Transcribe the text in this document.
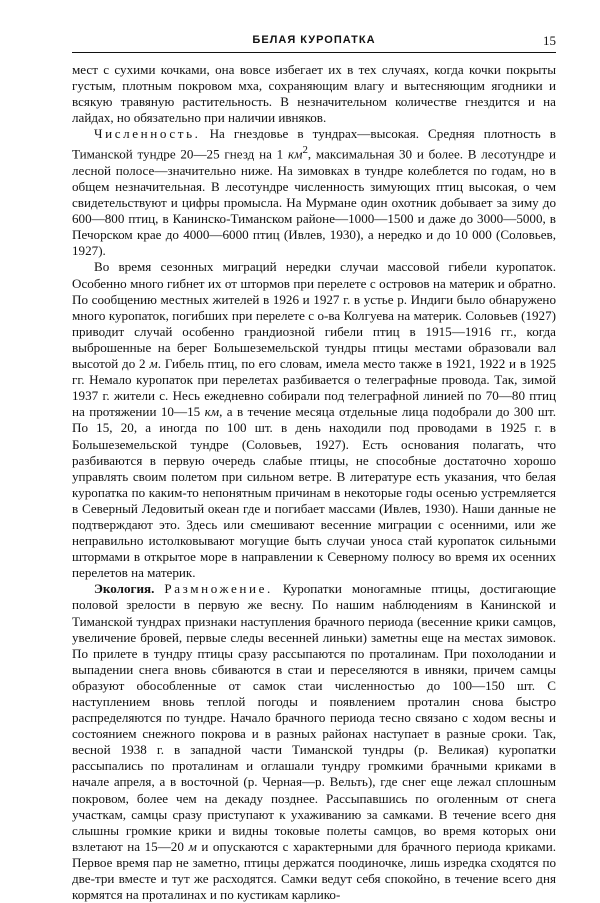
БЕЛАЯ КУРОПАТКА	15

мест с сухими кочками, она вовсе избегает их в тех случаях, когда кочки покрыты густым, плотным покровом мха, сохраняющим влагу и вытесняющим ягодники и всякую травяную растительность. В незначительном количестве гнездится и на лайдах, но обязательно при наличии ивняков.

Численность. На гнездовье в тундрах—высокая. Средняя плотность в Тиманской тундре 20—25 гнезд на 1 $км^2$, максимальная 30 и более. В лесотундре и лесной полосе—значительно ниже. На зимовках в тундре колеблется по годам, но в общем незначительная. В лесотундре численность зимующих птиц высокая, о чем свидетельствуют и цифры промысла. На Мурмане один охотник добывает за зиму до 600—800 птиц, в Канинско-Тиманском районе—1000—1500 и даже до 3000—5000, в Печорском крае до 4000—6000 птиц (Ивлев, 1930), а нередко и до 10 000 (Соловьев, 1927).

Во время сезонных миграций нередки случаи массовой гибели куропаток. Особенно много гибнет их от штормов при перелете с островов на материк и обратно. По сообщению местных жителей в 1926 и 1927 г. в устье р. Индиги было обнаружено много куропаток, погибших при перелете с о-ва Колгуева на материк. Соловьев (1927) приводит случай особенно грандиозной гибели птиц в 1915—1916 гг., когда выброшенные на берег Большеземельской тундры птицы местами образовали вал высотой до 2 м. Гибель птиц, по его словам, имела место также в 1921, 1922 и в 1925 гг. Немало куропаток при перелетах разбивается о телеграфные провода. Так, зимой 1937 г. жители с. Несь ежедневно собирали под телеграфной линией по 70—80 птиц на протяжении 10—15 км, а в течение месяца отдельные лица подобрали до 300 шт. По 15, 20, а иногда по 100 шт. в день находили под проводами в 1925 г. в Большеземельской тундре (Соловьев, 1927). Есть основания полагать, что разбиваются в первую очередь слабые птицы, не способные достаточно хорошо управлять своим полетом при сильном ветре. В литературе есть указания, что белая куропатка по каким-то непонятным причинам в некоторые годы осенью устремляется в Северный Ледовитый океан где и погибает массами (Ивлев, 1930). Наши данные не подтверждают это. Здесь или смешивают весенние миграции с осенними, или же неправильно истолковывают могущие быть случаи уноса стай куропаток сильными штормами в открытое море в направлении к Северному полюсу во время их осенних перелетов на материк.

Экология. Размножение. Куропатки моногамные птицы, достигающие половой зрелости в первую же весну. По нашим наблюдениям в Канинской и Тиманской тундрах признаки наступления брачного периода (весенние крики самцов, увеличение бровей, первые следы весенней линьки) заметны еще на местах зимовок. По прилете в тундру птицы сразу рассыпаются по проталинам. При похолодании и выпадении снега вновь сбиваются в стаи и переселяются в ивняки, причем самцы образуют обособленные от самок стаи численностью до 100—150 шт. С наступлением вновь теплой погоды и появлением проталин снова быстро распределяются по тундре. Начало брачного периода тесно связано с ходом весны и состоянием снежного покрова и в разных районах наступает в разные сроки. Так, весной 1938 г. в западной части Тиманской тундры (р. Великая) куропатки рассыпались по проталинам и оглашали тундру громкими брачными криками в начале апреля, а в восточной (р. Черная—р. Вельть), где снег еще лежал сплошным покровом, более чем на декаду позднее. Рассыпавшись по оголенным от снега участкам, самцы сразу приступают к ухаживанию за самками. В течение всего дня слышны громкие крики и видны токовые полеты самцов, во время которых они взлетают на 15—20 м и опускаются с характерными для брачного периода криками. Первое время пар не заметно, птицы держатся поодиночке, лишь изредка сходятся по две-три вместе и тут же расходятся. Самки ведут себя спокойно, в течение всего дня кормятся на проталинах и по кустикам карлико-
